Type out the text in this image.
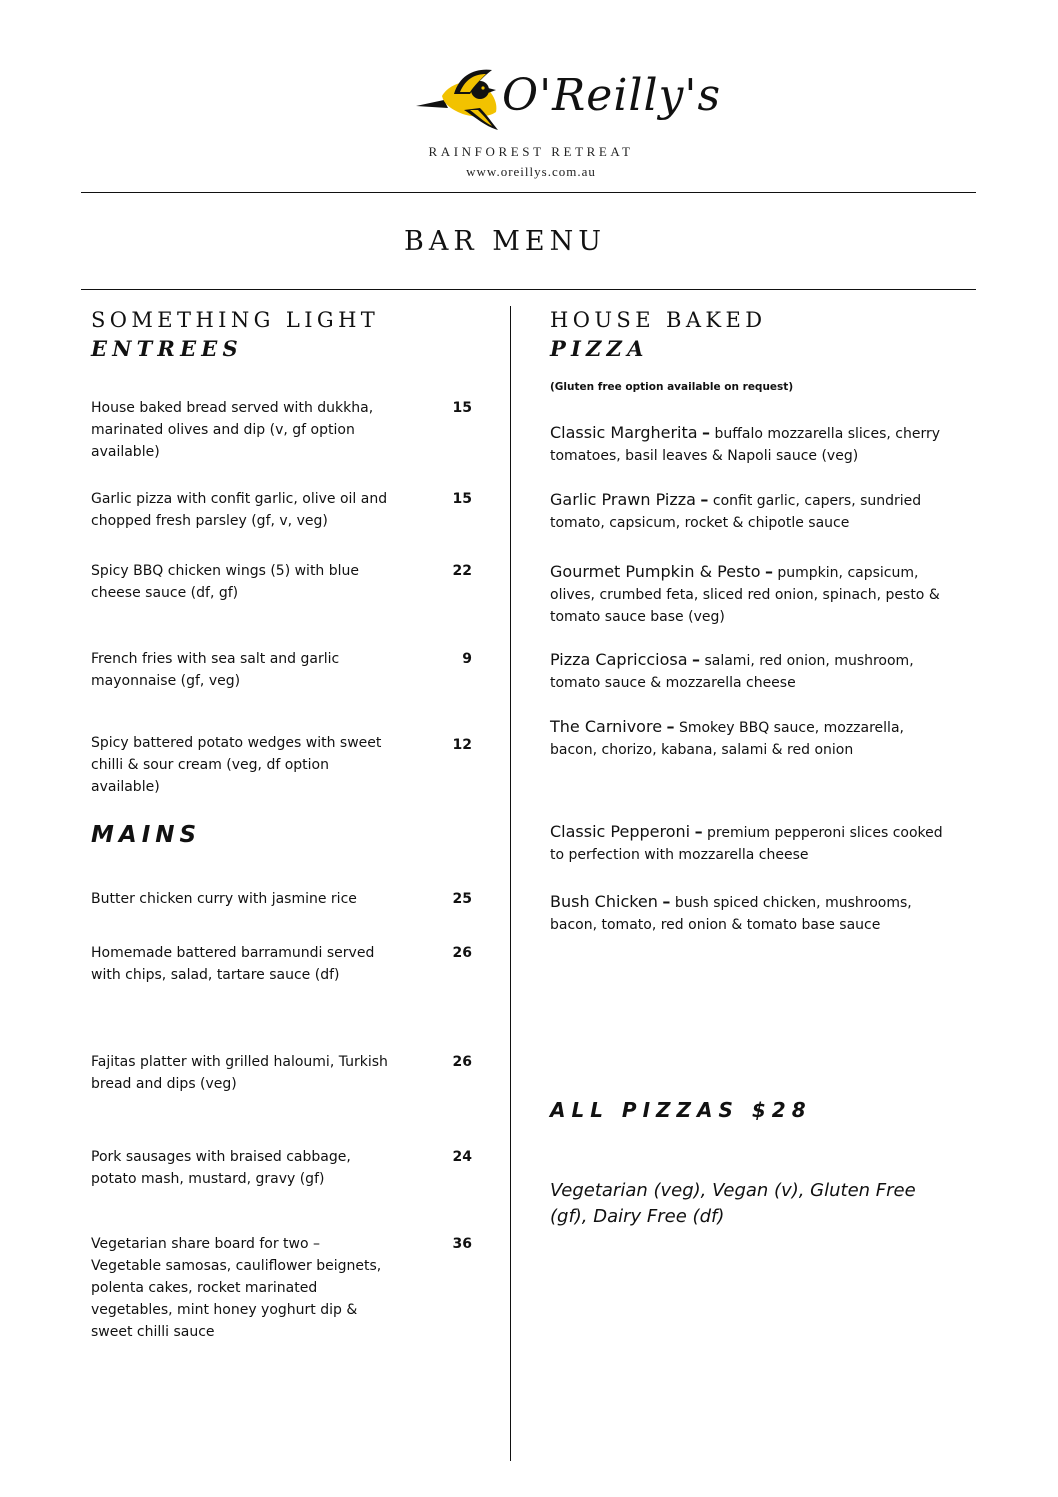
O'Reilly's
RAINFOREST RETREAT
www.oreillys.com.au
BAR MENU
SOMETHING LIGHT
ENTREES
House baked bread served with dukkha, marinated olives and dip (v, gf option available)
15
Garlic pizza with confit garlic, olive oil and chopped fresh parsley (gf, v, veg)
15
Spicy BBQ chicken wings (5) with blue cheese sauce (df, gf)
22
French fries with sea salt and garlic mayonnaise (gf, veg)
9
Spicy battered potato wedges with sweet chilli & sour cream (veg, df option available)
12
MAINS
Butter chicken curry with jasmine rice	25
Homemade battered barramundi served with chips, salad, tartare sauce (df)
26
Fajitas platter with grilled haloumi, Turkish bread and dips (veg)
26
Pork sausages with braised cabbage, potato mash, mustard, gravy (gf)
24
Vegetarian share board for two – Vegetable samosas, cauliflower beignets, polenta cakes, rocket marinated vegetables, mint honey yoghurt dip & sweet chilli sauce
36
HOUSE BAKED
PIZZA
(Gluten free option available on request)
Classic Margherita – buffalo mozzarella slices, cherry tomatoes, basil leaves & Napoli sauce (veg)
Garlic Prawn Pizza – confit garlic, capers, sundried tomato, capsicum, rocket & chipotle sauce
Gourmet Pumpkin & Pesto – pumpkin, capsicum, olives, crumbed feta, sliced red onion, spinach, pesto & tomato sauce base (veg)
Pizza Capricciosa – salami, red onion, mushroom, tomato sauce & mozzarella cheese
The Carnivore – Smokey BBQ sauce, mozzarella, bacon, chorizo, kabana, salami & red onion
Classic Pepperoni – premium pepperoni slices cooked to perfection with mozzarella cheese
Bush Chicken – bush spiced chicken, mushrooms, bacon, tomato, red onion & tomato base sauce
ALL PIZZAS $28
Vegetarian (veg), Vegan (v), Gluten Free (gf), Dairy Free (df)
